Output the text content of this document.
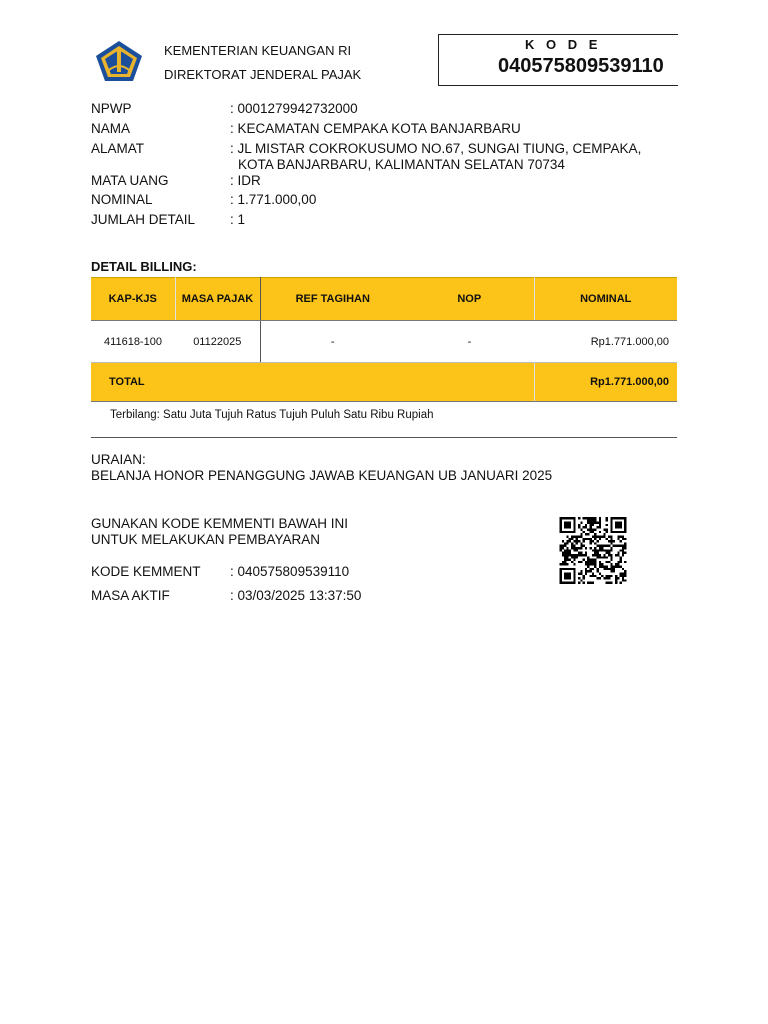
KEMENTERIAN KEUANGAN RI
DIREKTORAT JENDERAL PAJAK
K O D E
040575809539110
NPWP	: 0001279942732000
NAMA	: KECAMATAN CEMPAKA KOTA BANJARBARU
ALAMAT	: JL MISTAR COKROKUSUMO NO.67, SUNGAI TIUNG, CEMPAKA,
KOTA BANJARBARU, KALIMANTAN SELATAN 70734
MATA UANG	: IDR
NOMINAL	: 1.771.000,00
JUMLAH DETAIL	: 1
DETAIL BILLING:
KAP-KJS	MASA PAJAK	REF TAGIHAN	NOP	NOMINAL
411618-100	01122025	-	-	Rp1.771.000,00
TOTAL				Rp1.771.000,00
Terbilang: Satu Juta Tujuh Ratus Tujuh Puluh Satu Ribu Rupiah
URAIAN:
BELANJA HONOR PENANGGUNG JAWAB KEUANGAN UB JANUARI 2025
GUNAKAN KODE KEMMENTI BAWAH INI
UNTUK MELAKUKAN PEMBAYARAN
KODE KEMMENT : 040575809539110
MASA AKTIF	: 03/03/2025 13:37:50
